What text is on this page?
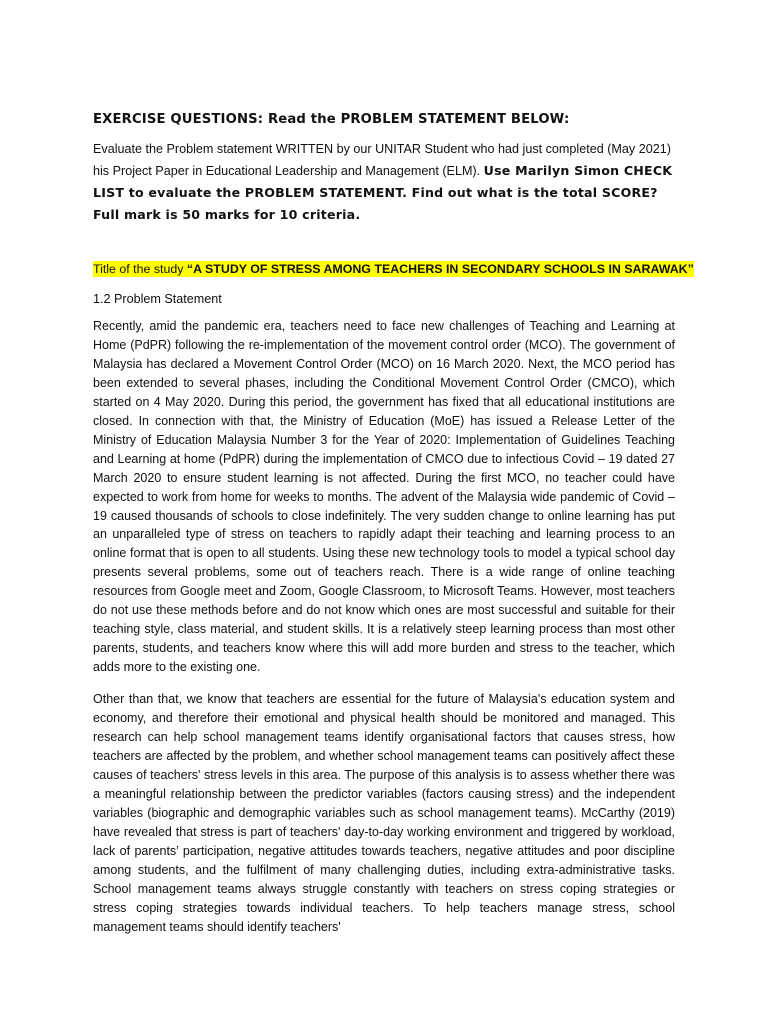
EXERCISE QUESTIONS: Read the PROBLEM STATEMENT BELOW:

Evaluate the Problem statement WRITTEN by our UNITAR Student who had just completed (May 2021) his Project Paper in Educational Leadership and Management (ELM). Use Marilyn Simon CHECK LIST to evaluate the PROBLEM STATEMENT. Find out what is the total SCORE? Full mark is 50 marks for 10 criteria.

Title of the study “A STUDY OF STRESS AMONG TEACHERS IN SECONDARY SCHOOLS IN SARAWAK”
1.2 Problem Statement

Recently, amid the pandemic era, teachers need to face new challenges of Teaching and Learning at Home (PdPR) following the re-implementation of the movement control order (MCO). The government of Malaysia has declared a Movement Control Order (MCO) on 16 March 2020. Next, the MCO period has been extended to several phases, including the Conditional Movement Control Order (CMCO), which started on 4 May 2020. During this period, the government has fixed that all educational institutions are closed. In connection with that, the Ministry of Education (MoE) has issued a Release Letter of the Ministry of Education Malaysia Number 3 for the Year of 2020: Implementation of Guidelines Teaching and Learning at home (PdPR) during the implementation of CMCO due to infectious Covid – 19 dated 27 March 2020 to ensure student learning is not affected. During the first MCO, no teacher could have expected to work from home for weeks to months. The advent of the Malaysia wide pandemic of Covid – 19 caused thousands of schools to close indefinitely. The very sudden change to online learning has put an unparalleled type of stress on teachers to rapidly adapt their teaching and learning process to an online format that is open to all students. Using these new technology tools to model a typical school day presents several problems, some out of teachers reach. There is a wide range of online teaching resources from Google meet and Zoom, Google Classroom, to Microsoft Teams. However, most teachers do not use these methods before and do not know which ones are most successful and suitable for their teaching style, class material, and student skills. It is a relatively steep learning process than most other parents, students, and teachers know where this will add more burden and stress to the teacher, which adds more to the existing one.

Other than that, we know that teachers are essential for the future of Malaysia's education system and economy, and therefore their emotional and physical health should be monitored and managed. This research can help school management teams identify organisational factors that causes stress, how teachers are affected by the problem, and whether school management teams can positively affect these causes of teachers' stress levels in this area. The purpose of this analysis is to assess whether there was a meaningful relationship between the predictor variables (factors causing stress) and the independent variables (biographic and demographic variables such as school management teams). McCarthy (2019) have revealed that stress is part of teachers' day-to-day working environment and triggered by workload, lack of parents’ participation, negative attitudes towards teachers, negative attitudes and poor discipline among students, and the fulfilment of many challenging duties, including extra-administrative tasks. School management teams always struggle constantly with teachers on stress coping strategies or stress coping strategies towards individual teachers. To help teachers manage stress, school management teams should identify teachers'
